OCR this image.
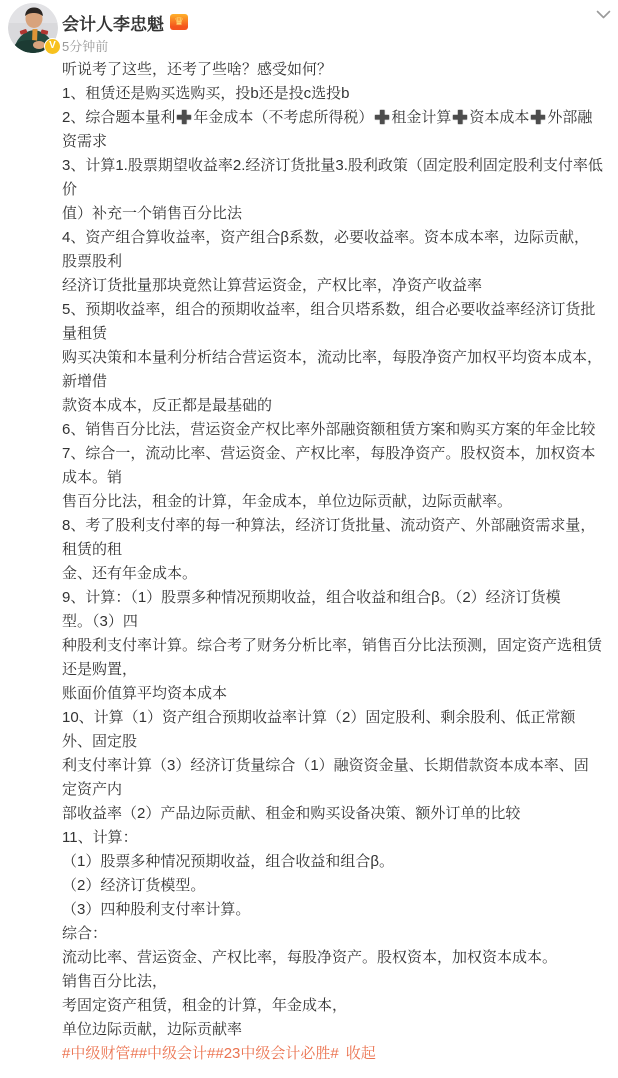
V
会计人李忠魁 ♛
5分钟前
听说考了这些，还考了些啥？感受如何？
1、租赁还是购买选购买，投b还是投c选投b
2、综合题本量利 年金成本（不考虑所得税） 租金计算 资本成本 外部融
资需求
3、计算1.股票期望收益率2.经济订货批量3.股利政策（固定股利固定股利支付率低
价
值）补充一个销售百分比法
4、资产组合算收益率，资产组合β系数，必要收益率。资本成本率，边际贡献，
股票股利
经济订货批量那块竟然让算营运资金，产权比率，净资产收益率
5、预期收益率，组合的预期收益率，组合贝塔系数，组合必要收益率经济订货批
量租赁
购买决策和本量利分析结合营运资本，流动比率，每股净资产加权平均资本成本，
新增借
款资本成本，反正都是最基础的
6、销售百分比法，营运资金产权比率外部融资额租赁方案和购买方案的年金比较
7、综合一，流动比率、营运资金、产权比率，每股净资产。股权资本，加权资本
成本。销
售百分比法，租金的计算，年金成本，单位边际贡献，边际贡献率。
8、考了股利支付率的每一种算法，经济订货批量、流动资产、外部融资需求量，
租赁的租
金、还有年金成本。
9、计算：（1）股票多种情况预期收益，组合收益和组合β。（2）经济订货模
型。（3）四
种股利支付率计算。综合考了财务分析比率，销售百分比法预测，固定资产选租赁
还是购置，
账面价值算平均资本成本
10、计算（1）资产组合预期收益率计算（2）固定股利、剩余股利、低正常额
外、固定股
利支付率计算（3）经济订货量综合（1）融资资金量、长期借款资本成本率、固
定资产内
部收益率（2）产品边际贡献、租金和购买设备决策、额外订单的比较
11、计算：
（1）股票多种情况预期收益，组合收益和组合β。
（2）经济订货模型。
（3）四种股利支付率计算。
综合：
流动比率、营运资金、产权比率，每股净资产。股权资本，加权资本成本。
销售百分比法，
考固定资产租赁，租金的计算，年金成本，
单位边际贡献，边际贡献率
#中级财管##中级会计##23中级会计必胜# 收起
